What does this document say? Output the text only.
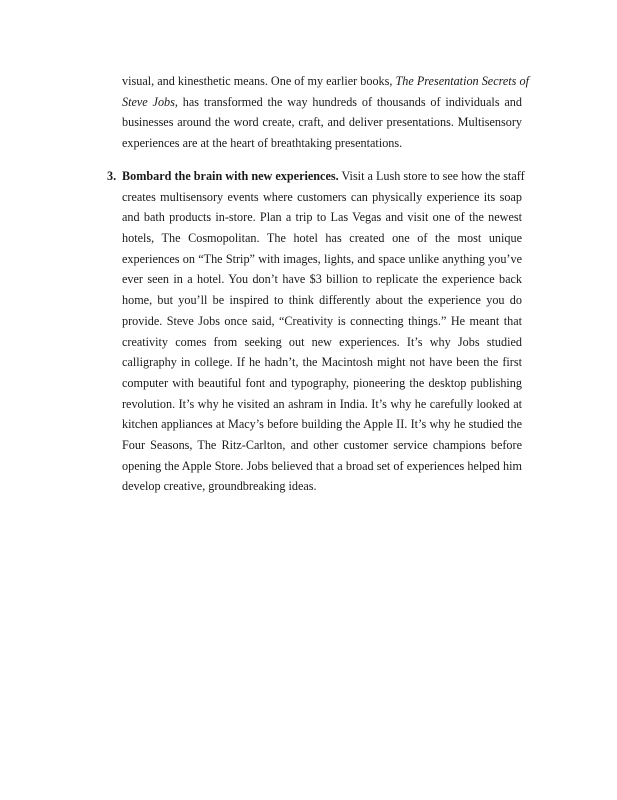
visual, and kinesthetic means. One of my earlier books, The Presentation Secrets of
Steve Jobs, has transformed the way hundreds of thousands of individuals and
businesses around the word create, craft, and deliver presentations. Multisensory
experiences are at the heart of breathtaking presentations.
3. Bombard the brain with new experiences. Visit a Lush store to see how the staff
creates multisensory events where customers can physically experience its soap
and bath products in-store. Plan a trip to Las Vegas and visit one of the newest
hotels, The Cosmopolitan. The hotel has created one of the most unique
experiences on “The Strip” with images, lights, and space unlike anything you’ve
ever seen in a hotel. You don’t have $3 billion to replicate the experience back
home, but you’ll be inspired to think differently about the experience you do
provide. Steve Jobs once said, “Creativity is connecting things.” He meant that
creativity comes from seeking out new experiences. It’s why Jobs studied
calligraphy in college. If he hadn’t, the Macintosh might not have been the first
computer with beautiful font and typography, pioneering the desktop publishing
revolution. It’s why he visited an ashram in India. It’s why he carefully looked at
kitchen appliances at Macy’s before building the Apple II. It’s why he studied the
Four Seasons, The Ritz-Carlton, and other customer service champions before
opening the Apple Store. Jobs believed that a broad set of experiences helped him
develop creative, groundbreaking ideas.
